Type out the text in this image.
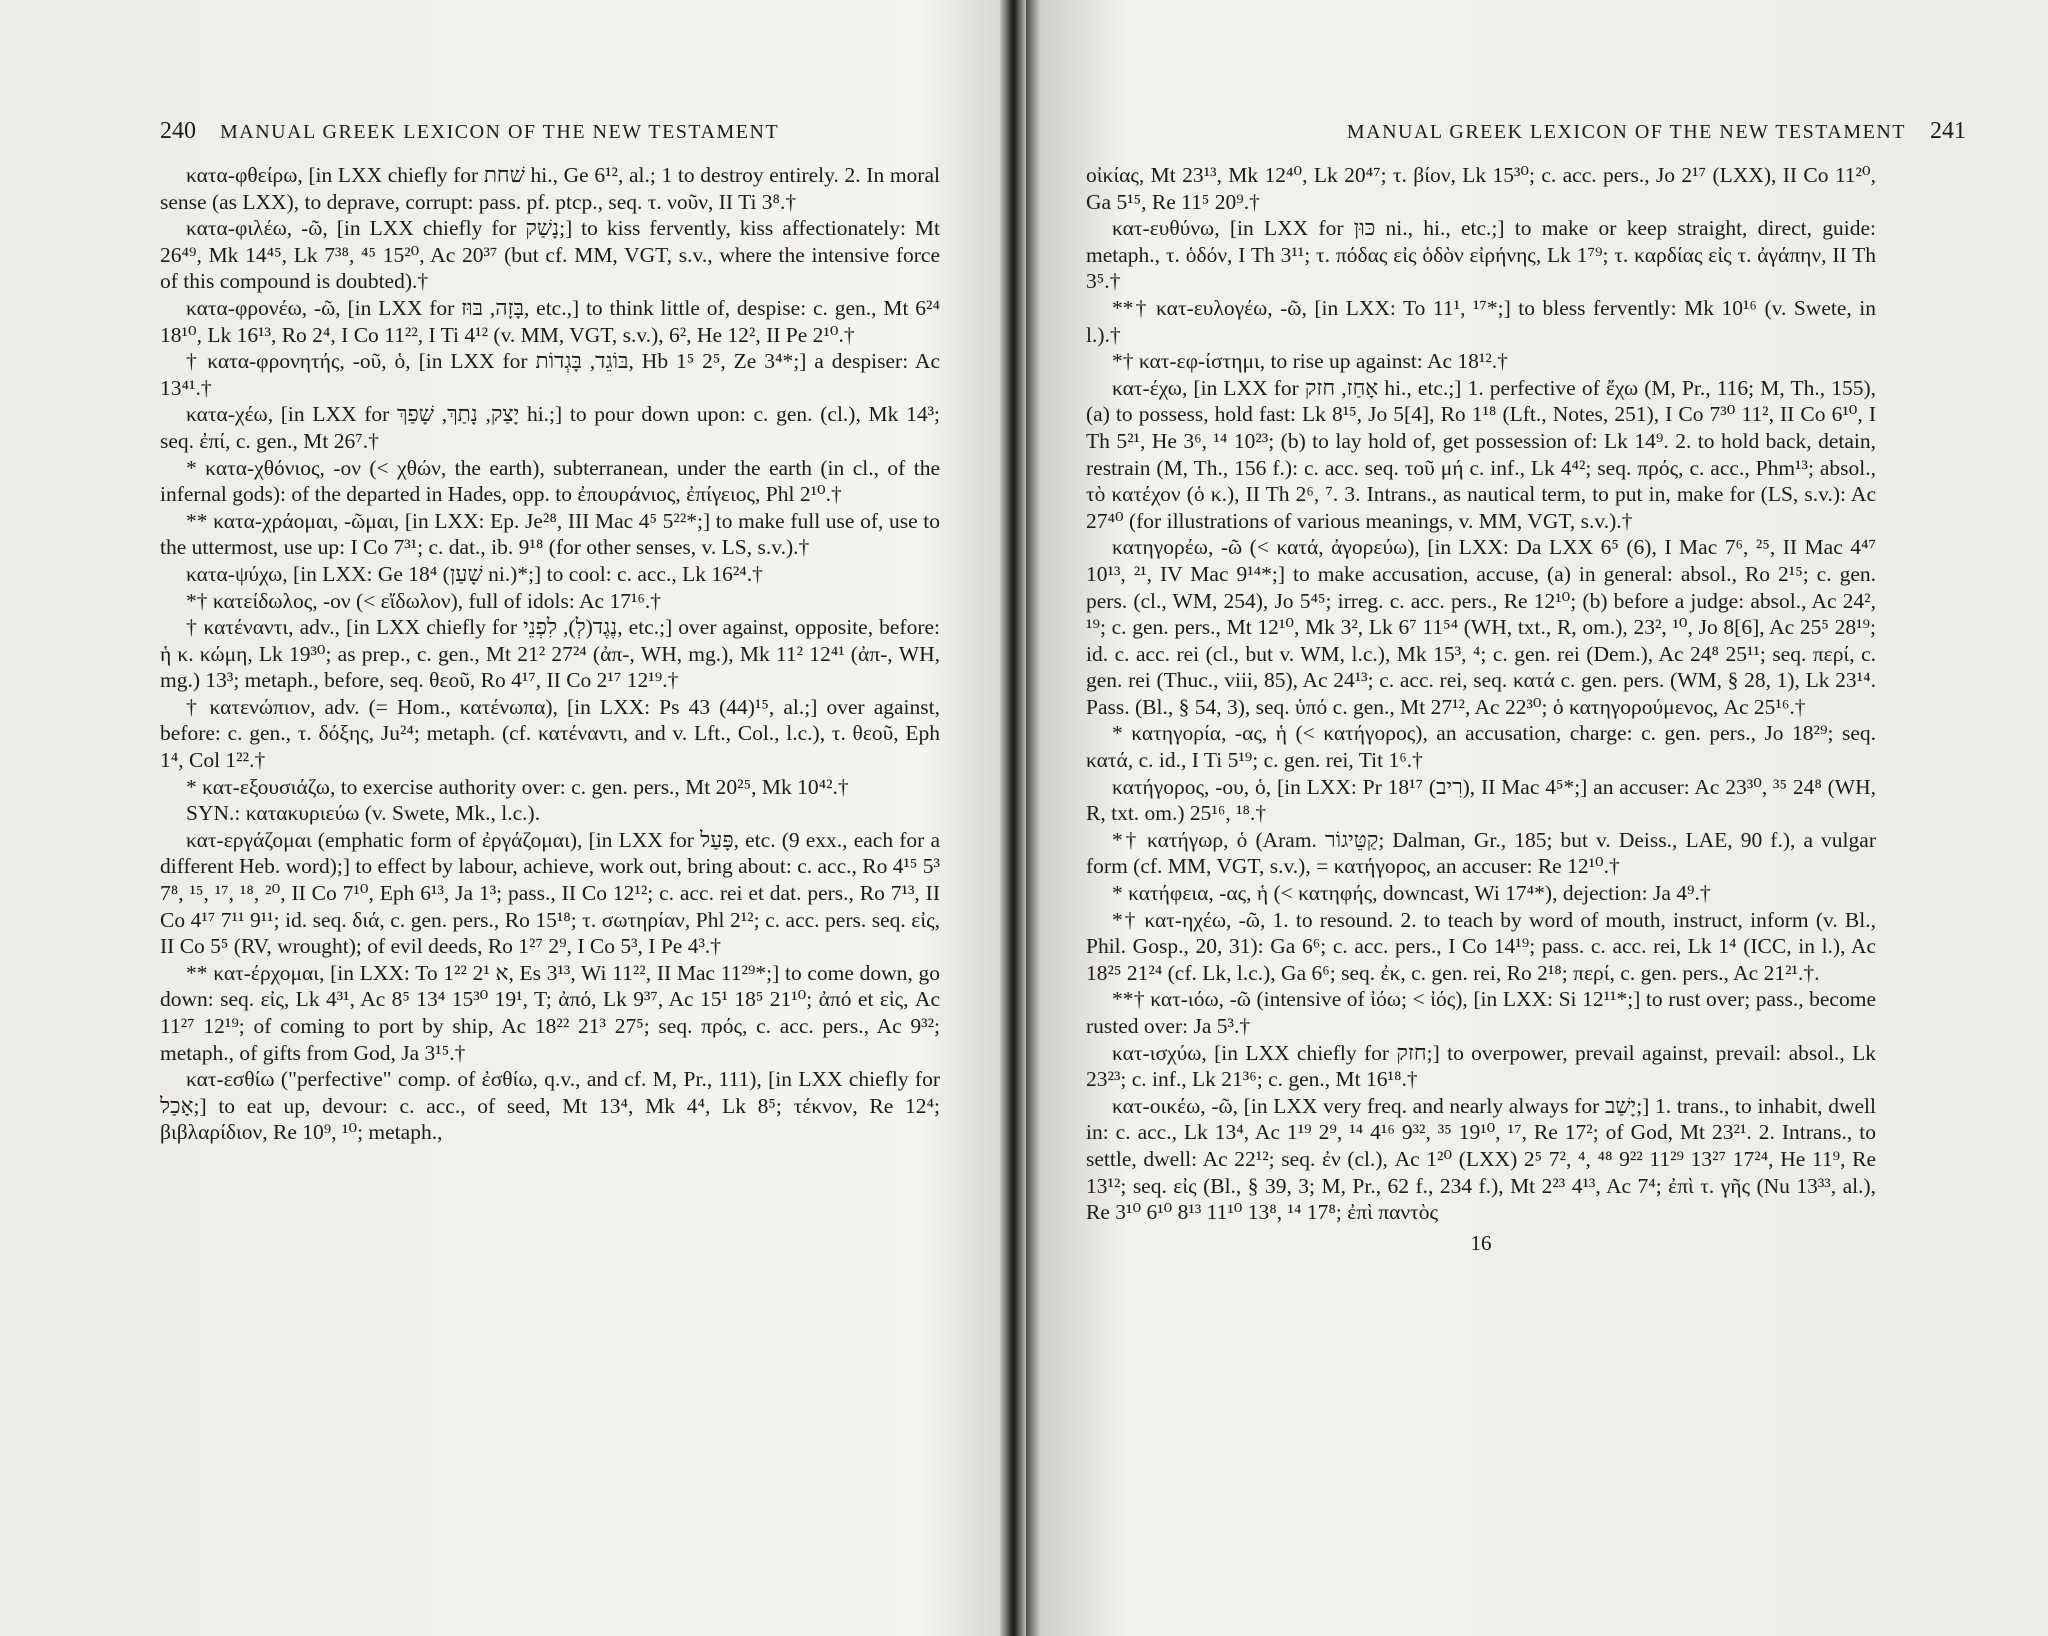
240 MANUAL GREEK LEXICON OF THE NEW TESTAMENT

κατα-φθείρω, [in LXX chiefly for שׁחת hi., Ge 6¹², al.; 1 to destroy entirely. 2. In moral sense (as LXX), to deprave, corrupt: pass. pf. ptcp., seq. τ. νοῦν, II Ti 3⁸.†

κατα-φιλέω, -ῶ, [in LXX chiefly for נָשַׁק;] to kiss fervently, kiss affectionately: Mt 26⁴⁹, Mk 14⁴⁵, Lk 7³⁸, ⁴⁵ 15²⁰, Ac 20³⁷ (but cf. MM, VGT, s.v., where the intensive force of this compound is doubted).†

κατα-φρονέω, -ῶ, [in LXX for בָּזָה, בּוּז, etc.,] to think little of, despise: c. gen., Mt 6²⁴ 18¹⁰, Lk 16¹³, Ro 2⁴, I Co 11²², I Ti 4¹² (v. MM, VGT, s.v.), 6², He 12², II Pe 2¹⁰.†

† κατα-φρονητής, -οῦ, ὁ, [in LXX for בּוֹגֵד, בָּגְדוֹת, Hb 1⁵ 2⁵, Ze 3⁴*;] a despiser: Ac 13⁴¹.†

κατα-χέω, [in LXX for יָצַק, נָתַךְ, שָׁפַךְ hi.;] to pour down upon: c. gen. (cl.), Mk 14³; seq. ἐπί, c. gen., Mt 26⁷.†

* κατα-χθόνιος, -ον (< χθών, the earth), subterranean, under the earth (in cl., of the infernal gods): of the departed in Hades, opp. to ἐπουράνιος, ἐπίγειος, Phl 2¹⁰.†

** κατα-χράομαι, -ῶμαι, [in LXX: Ep. Je²⁸, III Mac 4⁵ 5²²*;] to make full use of, use to the uttermost, use up: I Co 7³¹; c. dat., ib. 9¹⁸ (for other senses, v. LS, s.v.).†

κατα-ψύχω, [in LXX: Ge 18⁴ (שָׁעַן ni.)*;] to cool: c. acc., Lk 16²⁴.†

*† κατείδωλος, -ον (< εἴδωλον), full of idols: Ac 17¹⁶.†

† κατέναντι, adv., [in LXX chiefly for נֶגֶד(לְ), לִפְנֵי, etc.;] over against, opposite, before: ἡ κ. κώμη, Lk 19³⁰; as prep., c. gen., Mt 21² 27²⁴ (ἀπ-, WH, mg.), Mk 11² 12⁴¹ (ἀπ-, WH, mg.) 13³; metaph., before, seq. θεοῦ, Ro 4¹⁷, II Co 2¹⁷ 12¹⁹.†

† κατενώπιον, adv. (= Hom., κατένωπα), [in LXX: Ps 43 (44)¹⁵, al.;] over against, before: c. gen., τ. δόξης, Ju²⁴; metaph. (cf. κατέναντι, and v. Lft., Col., l.c.), τ. θεοῦ, Eph 1⁴, Col 1²².†

* κατ-εξουσιάζω, to exercise authority over: c. gen. pers., Mt 20²⁵, Mk 10⁴².†

SYN.: κατακυριεύω (v. Swete, Mk., l.c.).

κατ-εργάζομαι (emphatic form of ἐργάζομαι), [in LXX for פָּעַל, etc. (9 exx., each for a different Heb. word);] to effect by labour, achieve, work out, bring about: c. acc., Ro 4¹⁵ 5³ 7⁸, ¹⁵, ¹⁷, ¹⁸, ²⁰, II Co 7¹⁰, Eph 6¹³, Ja 1³; pass., II Co 12¹²; c. acc. rei et dat. pers., Ro 7¹³, II Co 4¹⁷ 7¹¹ 9¹¹; id. seq. διά, c. gen. pers., Ro 15¹⁸; τ. σωτηρίαν, Phl 2¹²; c. acc. pers. seq. εἰς, II Co 5⁵ (RV, wrought); of evil deeds, Ro 1²⁷ 2⁹, I Co 5³, I Pe 4³.†

** κατ-έρχομαι, [in LXX: To 1²² א 2¹, Es 3¹³, Wi 11²², II Mac 11²⁹*;] to come down, go down: seq. εἰς, Lk 4³¹, Ac 8⁵ 13⁴ 15³⁰ 19¹, T; ἀπό, Lk 9³⁷, Ac 15¹ 18⁵ 21¹⁰; ἀπό et εἰς, Ac 11²⁷ 12¹⁹; of coming to port by ship, Ac 18²² 21³ 27⁵; seq. πρός, c. acc. pers., Ac 9³²; metaph., of gifts from God, Ja 3¹⁵.†

κατ-εσθίω ("perfective" comp. of ἐσθίω, q.v., and cf. M, Pr., 111), [in LXX chiefly for אָכַל;] to eat up, devour: c. acc., of seed, Mt 13⁴, Mk 4⁴, Lk 8⁵; τέκνον, Re 12⁴; βιβλαρίδιον, Re 10⁹, ¹⁰; metaph.,

MANUAL GREEK LEXICON OF THE NEW TESTAMENT 241

οἰκίας, Mt 23¹³, Mk 12⁴⁰, Lk 20⁴⁷; τ. βίον, Lk 15³⁰; c. acc. pers., Jo 2¹⁷ (LXX), II Co 11²⁰, Ga 5¹⁵, Re 11⁵ 20⁹.†

κατ-ευθύνω, [in LXX for כּוּן ni., hi., etc.;] to make or keep straight, direct, guide: metaph., τ. ὁδόν, I Th 3¹¹; τ. πόδας εἰς ὁδὸν εἰρήνης, Lk 1⁷⁹; τ. καρδίας εἰς τ. ἀγάπην, II Th 3⁵.†

**† κατ-ευλογέω, -ῶ, [in LXX: To 11¹, ¹⁷*;] to bless fervently: Mk 10¹⁶ (v. Swete, in l.).†

*† κατ-εφ-ίστημι, to rise up against: Ac 18¹².†

κατ-έχω, [in LXX for אָחַז, חזק hi., etc.;] 1. perfective of ἔχω (M, Pr., 116; M, Th., 155), (a) to possess, hold fast: Lk 8¹⁵, Jo 5[4], Ro 1¹⁸ (Lft., Notes, 251), I Co 7³⁰ 11², II Co 6¹⁰, I Th 5²¹, He 3⁶, ¹⁴ 10²³; (b) to lay hold of, get possession of: Lk 14⁹. 2. to hold back, detain, restrain (M, Th., 156 f.): c. acc. seq. τοῦ μή c. inf., Lk 4⁴²; seq. πρός, c. acc., Phm¹³; absol., τὸ κατέχον (ὁ κ.), II Th 2⁶, ⁷. 3. Intrans., as nautical term, to put in, make for (LS, s.v.): Ac 27⁴⁰ (for illustrations of various meanings, v. MM, VGT, s.v.).†

κατηγορέω, -ῶ (< κατά, ἀγορεύω), [in LXX: Da LXX 6⁵ (6), I Mac 7⁶, ²⁵, II Mac 4⁴⁷ 10¹³, ²¹, IV Mac 9¹⁴*;] to make accusation, accuse, (a) in general: absol., Ro 2¹⁵; c. gen. pers. (cl., WM, 254), Jo 5⁴⁵; irreg. c. acc. pers., Re 12¹⁰; (b) before a judge: absol., Ac 24², ¹⁹; c. gen. pers., Mt 12¹⁰, Mk 3², Lk 6⁷ 11⁵⁴ (WH, txt., R, om.), 23², ¹⁰, Jo 8[6], Ac 25⁵ 28¹⁹; id. c. acc. rei (cl., but v. WM, l.c.), Mk 15³, ⁴; c. gen. rei (Dem.), Ac 24⁸ 25¹¹; seq. περί, c. gen. rei (Thuc., viii, 85), Ac 24¹³; c. acc. rei, seq. κατά c. gen. pers. (WM, § 28, 1), Lk 23¹⁴. Pass. (Bl., § 54, 3), seq. ὑπό c. gen., Mt 27¹², Ac 22³⁰; ὁ κατηγορούμενος, Ac 25¹⁶.†

* κατηγορία, -ας, ἡ (< κατήγορος), an accusation, charge: c. gen. pers., Jo 18²⁹; seq. κατά, c. id., I Ti 5¹⁹; c. gen. rei, Tit 1⁶.†

κατήγορος, -ου, ὁ, [in LXX: Pr 18¹⁷ (רִיב), II Mac 4⁵*;] an accuser: Ac 23³⁰, ³⁵ 24⁸ (WH, R, txt. om.) 25¹⁶, ¹⁸.†

*† κατήγωρ, ὁ (Aram. קַטֵּיגוֹר; Dalman, Gr., 185; but v. Deiss., LAE, 90 f.), a vulgar form (cf. MM, VGT, s.v.), = κατήγορος, an accuser: Re 12¹⁰.†

* κατήφεια, -ας, ἡ (< κατηφής, downcast, Wi 17⁴*), dejection: Ja 4⁹.†

*† κατ-ηχέω, -ῶ, 1. to resound. 2. to teach by word of mouth, instruct, inform (v. Bl., Phil. Gosp., 20, 31): Ga 6⁶; c. acc. pers., I Co 14¹⁹; pass. c. acc. rei, Lk 1⁴ (ICC, in l.), Ac 18²⁵ 21²⁴ (cf. Lk, l.c.), Ga 6⁶; seq. ἐκ, c. gen. rei, Ro 2¹⁸; περί, c. gen. pers., Ac 21²¹.†.

**† κατ-ιόω, -ῶ (intensive of ἰόω; < ἰός), [in LXX: Si 12¹¹*;] to rust over; pass., become rusted over: Ja 5³.†

κατ-ισχύω, [in LXX chiefly for חזק;] to overpower, prevail against, prevail: absol., Lk 23²³; c. inf., Lk 21³⁶; c. gen., Mt 16¹⁸.†

κατ-οικέω, -ῶ, [in LXX very freq. and nearly always for יָשַׁב;] 1. trans., to inhabit, dwell in: c. acc., Lk 13⁴, Ac 1¹⁹ 2⁹, ¹⁴ 4¹⁶ 9³², ³⁵ 19¹⁰, ¹⁷, Re 17²; of God, Mt 23²¹. 2. Intrans., to settle, dwell: Ac 22¹²; seq. ἐν (cl.), Ac 1²⁰ (LXX) 2⁵ 7², ⁴, ⁴⁸ 9²² 11²⁹ 13²⁷ 17²⁴, He 11⁹, Re 13¹²; seq. εἰς (Bl., § 39, 3; M, Pr., 62 f., 234 f.), Mt 2²³ 4¹³, Ac 7⁴; ἐπὶ τ. γῆς (Nu 13³³, al.), Re 3¹⁰ 6¹⁰ 8¹³ 11¹⁰ 13⁸, ¹⁴ 17⁸; ἐπὶ παντὸς

16
